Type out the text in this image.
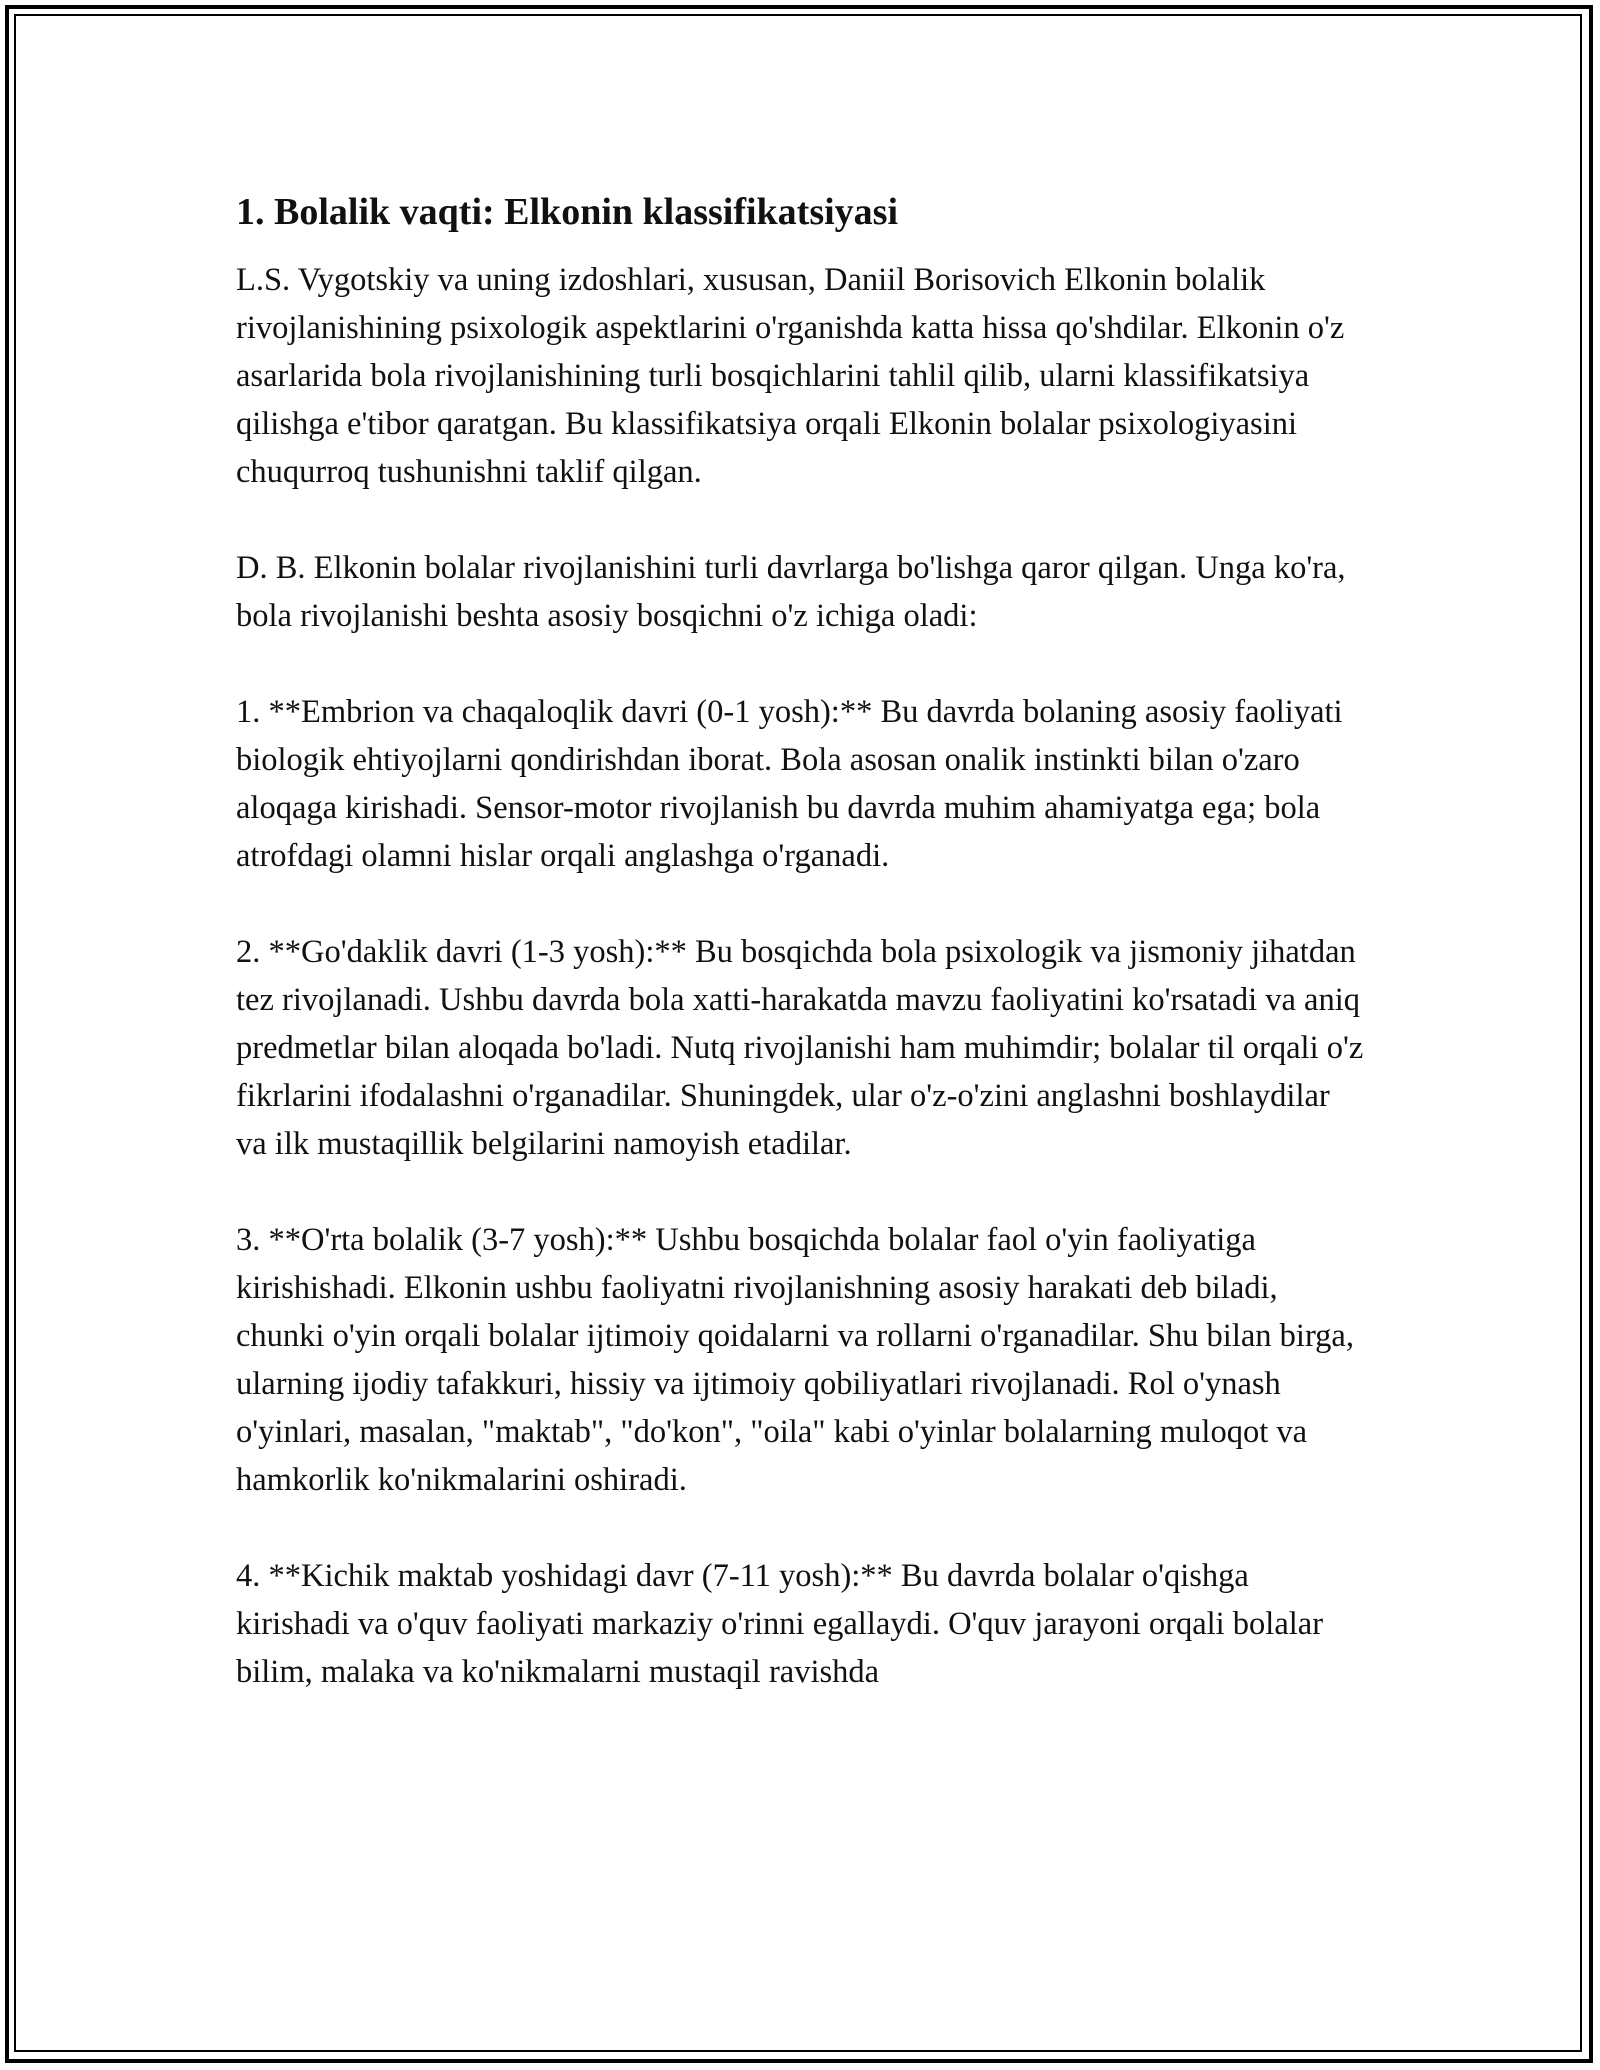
1. Bolalik vaqti: Elkonin klassifikatsiyasi

L.S. Vygotskiy va uning izdoshlari, xususan, Daniil Borisovich Elkonin bolalik rivojlanishining psixologik aspektlarini o'rganishda katta hissa qo'shdilar. Elkonin o'z asarlarida bola rivojlanishining turli bosqichlarini tahlil qilib, ularni klassifikatsiya qilishga e'tibor qaratgan. Bu klassifikatsiya orqali Elkonin bolalar psixologiyasini chuqurroq tushunishni taklif qilgan.

D. B. Elkonin bolalar rivojlanishini turli davrlarga bo'lishga qaror qilgan. Unga ko'ra, bola rivojlanishi beshta asosiy bosqichni o'z ichiga oladi:

1. **Embrion va chaqaloqlik davri (0-1 yosh):** Bu davrda bolaning asosiy faoliyati biologik ehtiyojlarni qondirishdan iborat. Bola asosan onalik instinkti bilan o'zaro aloqaga kirishadi. Sensor-motor rivojlanish bu davrda muhim ahamiyatga ega; bola atrofdagi olamni hislar orqali anglashga o'rganadi.

2. **Go'daklik davri (1-3 yosh):** Bu bosqichda bola psixologik va jismoniy jihatdan tez rivojlanadi. Ushbu davrda bola xatti-harakatda mavzu faoliyatini ko'rsatadi va aniq predmetlar bilan aloqada bo'ladi. Nutq rivojlanishi ham muhimdir; bolalar til orqali o'z fikrlarini ifodalashni o'rganadilar. Shuningdek, ular o'z-o'zini anglashni boshlaydilar va ilk mustaqillik belgilarini namoyish etadilar.

3. **O'rta bolalik (3-7 yosh):** Ushbu bosqichda bolalar faol o'yin faoliyatiga kirishishadi. Elkonin ushbu faoliyatni rivojlanishning asosiy harakati deb biladi, chunki o'yin orqali bolalar ijtimoiy qoidalarni va rollarni o'rganadilar. Shu bilan birga, ularning ijodiy tafakkuri, hissiy va ijtimoiy qobiliyatlari rivojlanadi. Rol o'ynash o'yinlari, masalan, "maktab", "do'kon", "oila" kabi o'yinlar bolalarning muloqot va hamkorlik ko'nikmalarini oshiradi.

4. **Kichik maktab yoshidagi davr (7-11 yosh):** Bu davrda bolalar o'qishga kirishadi va o'quv faoliyati markaziy o'rinni egallaydi. O'quv jarayoni orqali bolalar bilim, malaka va ko'nikmalarni mustaqil ravishda
